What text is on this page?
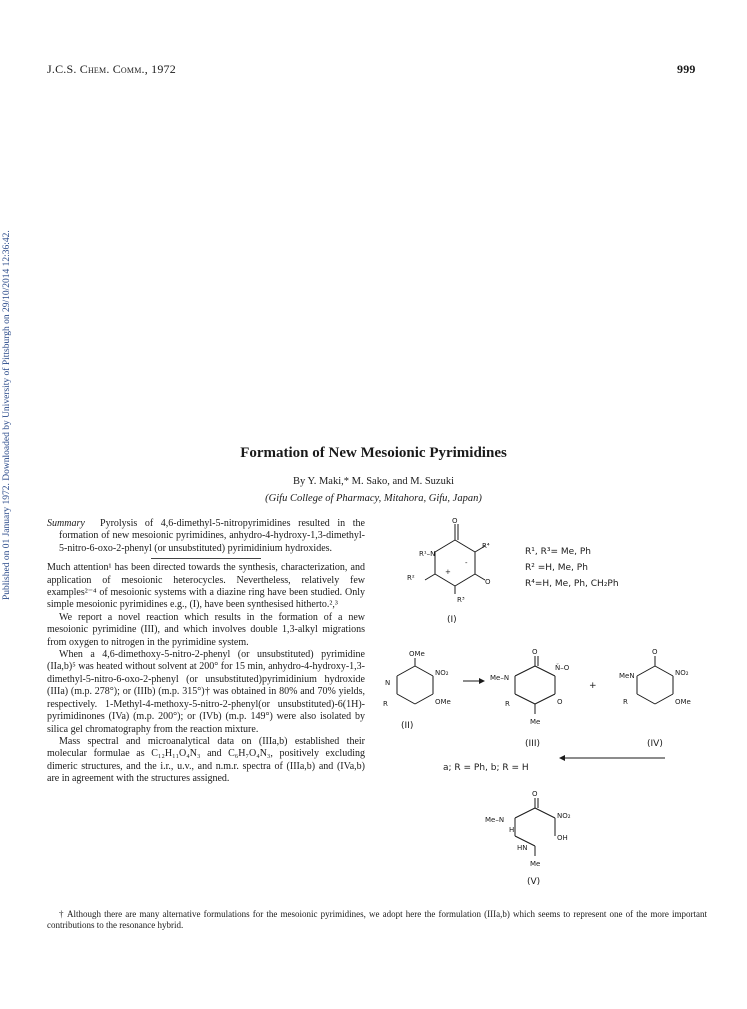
J.C.S. Chem. Comm., 1972	999
Published on 01 January 1972. Downloaded by University of Pittsburgh on 29/10/2014 12:36:42.	Formation of New Mesoionic Pyrimidines
By Y. Maki,* M. Sako, and M. Suzuki
(Gifu College of Pharmacy, Mitahora, Gifu, Japan)

Summary Pyrolysis of 4,6-dimethyl-5-nitropyrimidines resulted in the formation of new mesoionic pyrimidines, anhydro-4-hydroxy-1,3-dimethyl-5-nitro-6-oxo-2-phenyl (or unsubstituted) pyrimidinium hydroxides.

Much attention¹ has been directed towards the synthesis, characterization, and application of mesoionic heterocycles. Nevertheless, relatively few examples²⁻⁴ of mesoionic systems with a diazine ring have been studied. Only simple mesoionic pyrimidines e.g., (I), have been synthesised hitherto.²,³

We report a novel reaction which results in the formation of a new mesoionic pyrimidine (III), and which involves double 1,3-alkyl migrations from oxygen to nitrogen in the pyrimidine system.

When a 4,6-dimethoxy-5-nitro-2-phenyl (or unsubstituted) pyrimidine (IIa,b)⁵ was heated without solvent at 200° for 15 min, anhydro-4-hydroxy-1,3-dimethyl-5-nitro-6-oxo-2-phenyl (or unsubstituted)pyrimidinium hydroxide (IIIa) (m.p. 278°); or (IIIb) (m.p. 315°)† was obtained in 80% and 70% yields, respectively. 1-Methyl-4-methoxy-5-nitro-2-phenyl(or unsubstituted)-6(1H)-pyrimidinones (IVa) (m.p. 200°); or (IVb) (m.p. 149°) were also isolated by silica gel chromatography from the reaction mixture.

Mass spectral and microanalytical data on (IIIa,b) established their molecular formulae as C₁₂H₁₁O₄N₃ and C₆H₇O₄N₃, positively excluding dimeric structures, and the i.r., u.v., and n.m.r. spectra of (IIIa,b) and (IVa,b) are in agreement with the structures assigned.

O
R¹–N
R⁴
R²	O
R³
-
+
(I)
R¹, R³= Me, Ph
R² =H, Me, Ph
R⁴=H, Me, Ph, CH₂Ph
OMe
N
NO₂
R	OMe
(II)
O
Me–N
Ň–O
R	O
Me
(III)
+
O
MeN	NO₂
R	OMe
(IV)
a; R = Ph, b; R = H
O
Me–N	NO₂
H
OH
HN
Me
(V)
† Although there are many alternative formulations for the mesoionic pyrimidines, we adopt here the formulation (IIIa,b) which seems to represent one of the more important contributions to the resonance hybrid.
